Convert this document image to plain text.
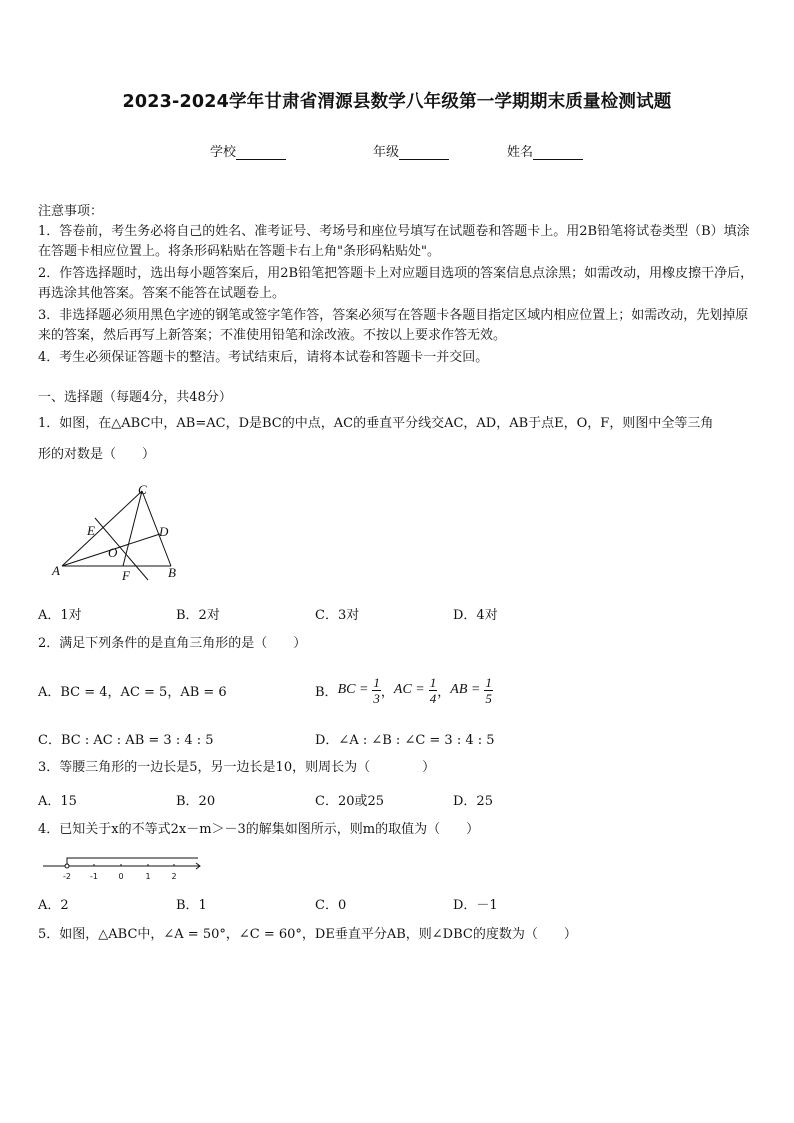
2023-2024学年甘肃省渭源县数学八年级第一学期期末质量检测试题
学校	年级	姓名
注意事项：
1．答卷前，考生务必将自己的姓名、准考证号、考场号和座位号填写在试题卷和答题卡上。用2B铅笔将试卷类型（B）填涂在答题卡相应位置上。将条形码粘贴在答题卡右上角"条形码粘贴处"。
2．作答选择题时，选出每小题答案后，用2B铅笔把答题卡上对应题目选项的答案信息点涂黑；如需改动，用橡皮擦干净后，再选涂其他答案。答案不能答在试题卷上。
3．非选择题必须用黑色字迹的钢笔或签字笔作答，答案必须写在答题卡各题目指定区域内相应位置上；如需改动，先划掉原来的答案，然后再写上新答案；不准使用铅笔和涂改液。不按以上要求作答无效。
4．考生必须保证答题卡的整洁。考试结束后，请将本试卷和答题卡一并交回。
一、选择题（每题4分，共48分）
1．如图，在△ABC中，AB=AC，D是BC的中点，AC的垂直平分线交AC，AD，AB于点E，O，F，则图中全等三角
形的对数是（　　）
C
E	D
O
A	F	B
A．1对	B．2对	C．3对	D．4对
2．满足下列条件的是直角三角形的是（　　）
A．BC = 4，AC = 5，AB = 6	B． BC = $\frac{1}{3}$ ， AC = $\frac{1}{4}$ ， AB = $\frac{1}{5}$
C．BC : AC : AB = 3 : 4 : 5	D．∠A : ∠B : ∠C = 3 : 4 : 5
3．等腰三角形的一边长是5，另一边长是10，则周长为（　　　　）
A．15	B．20	C．20或25	D．25
4．已知关于x的不等式2x－m＞－3的解集如图所示，则m的取值为（　　）
-2 -1	0	1	2
A．2	B．1	C．0	D．－1
5．如图，△ABC中，∠A = 50°，∠C = 60°，DE垂直平分AB，则∠DBC的度数为（　　）
